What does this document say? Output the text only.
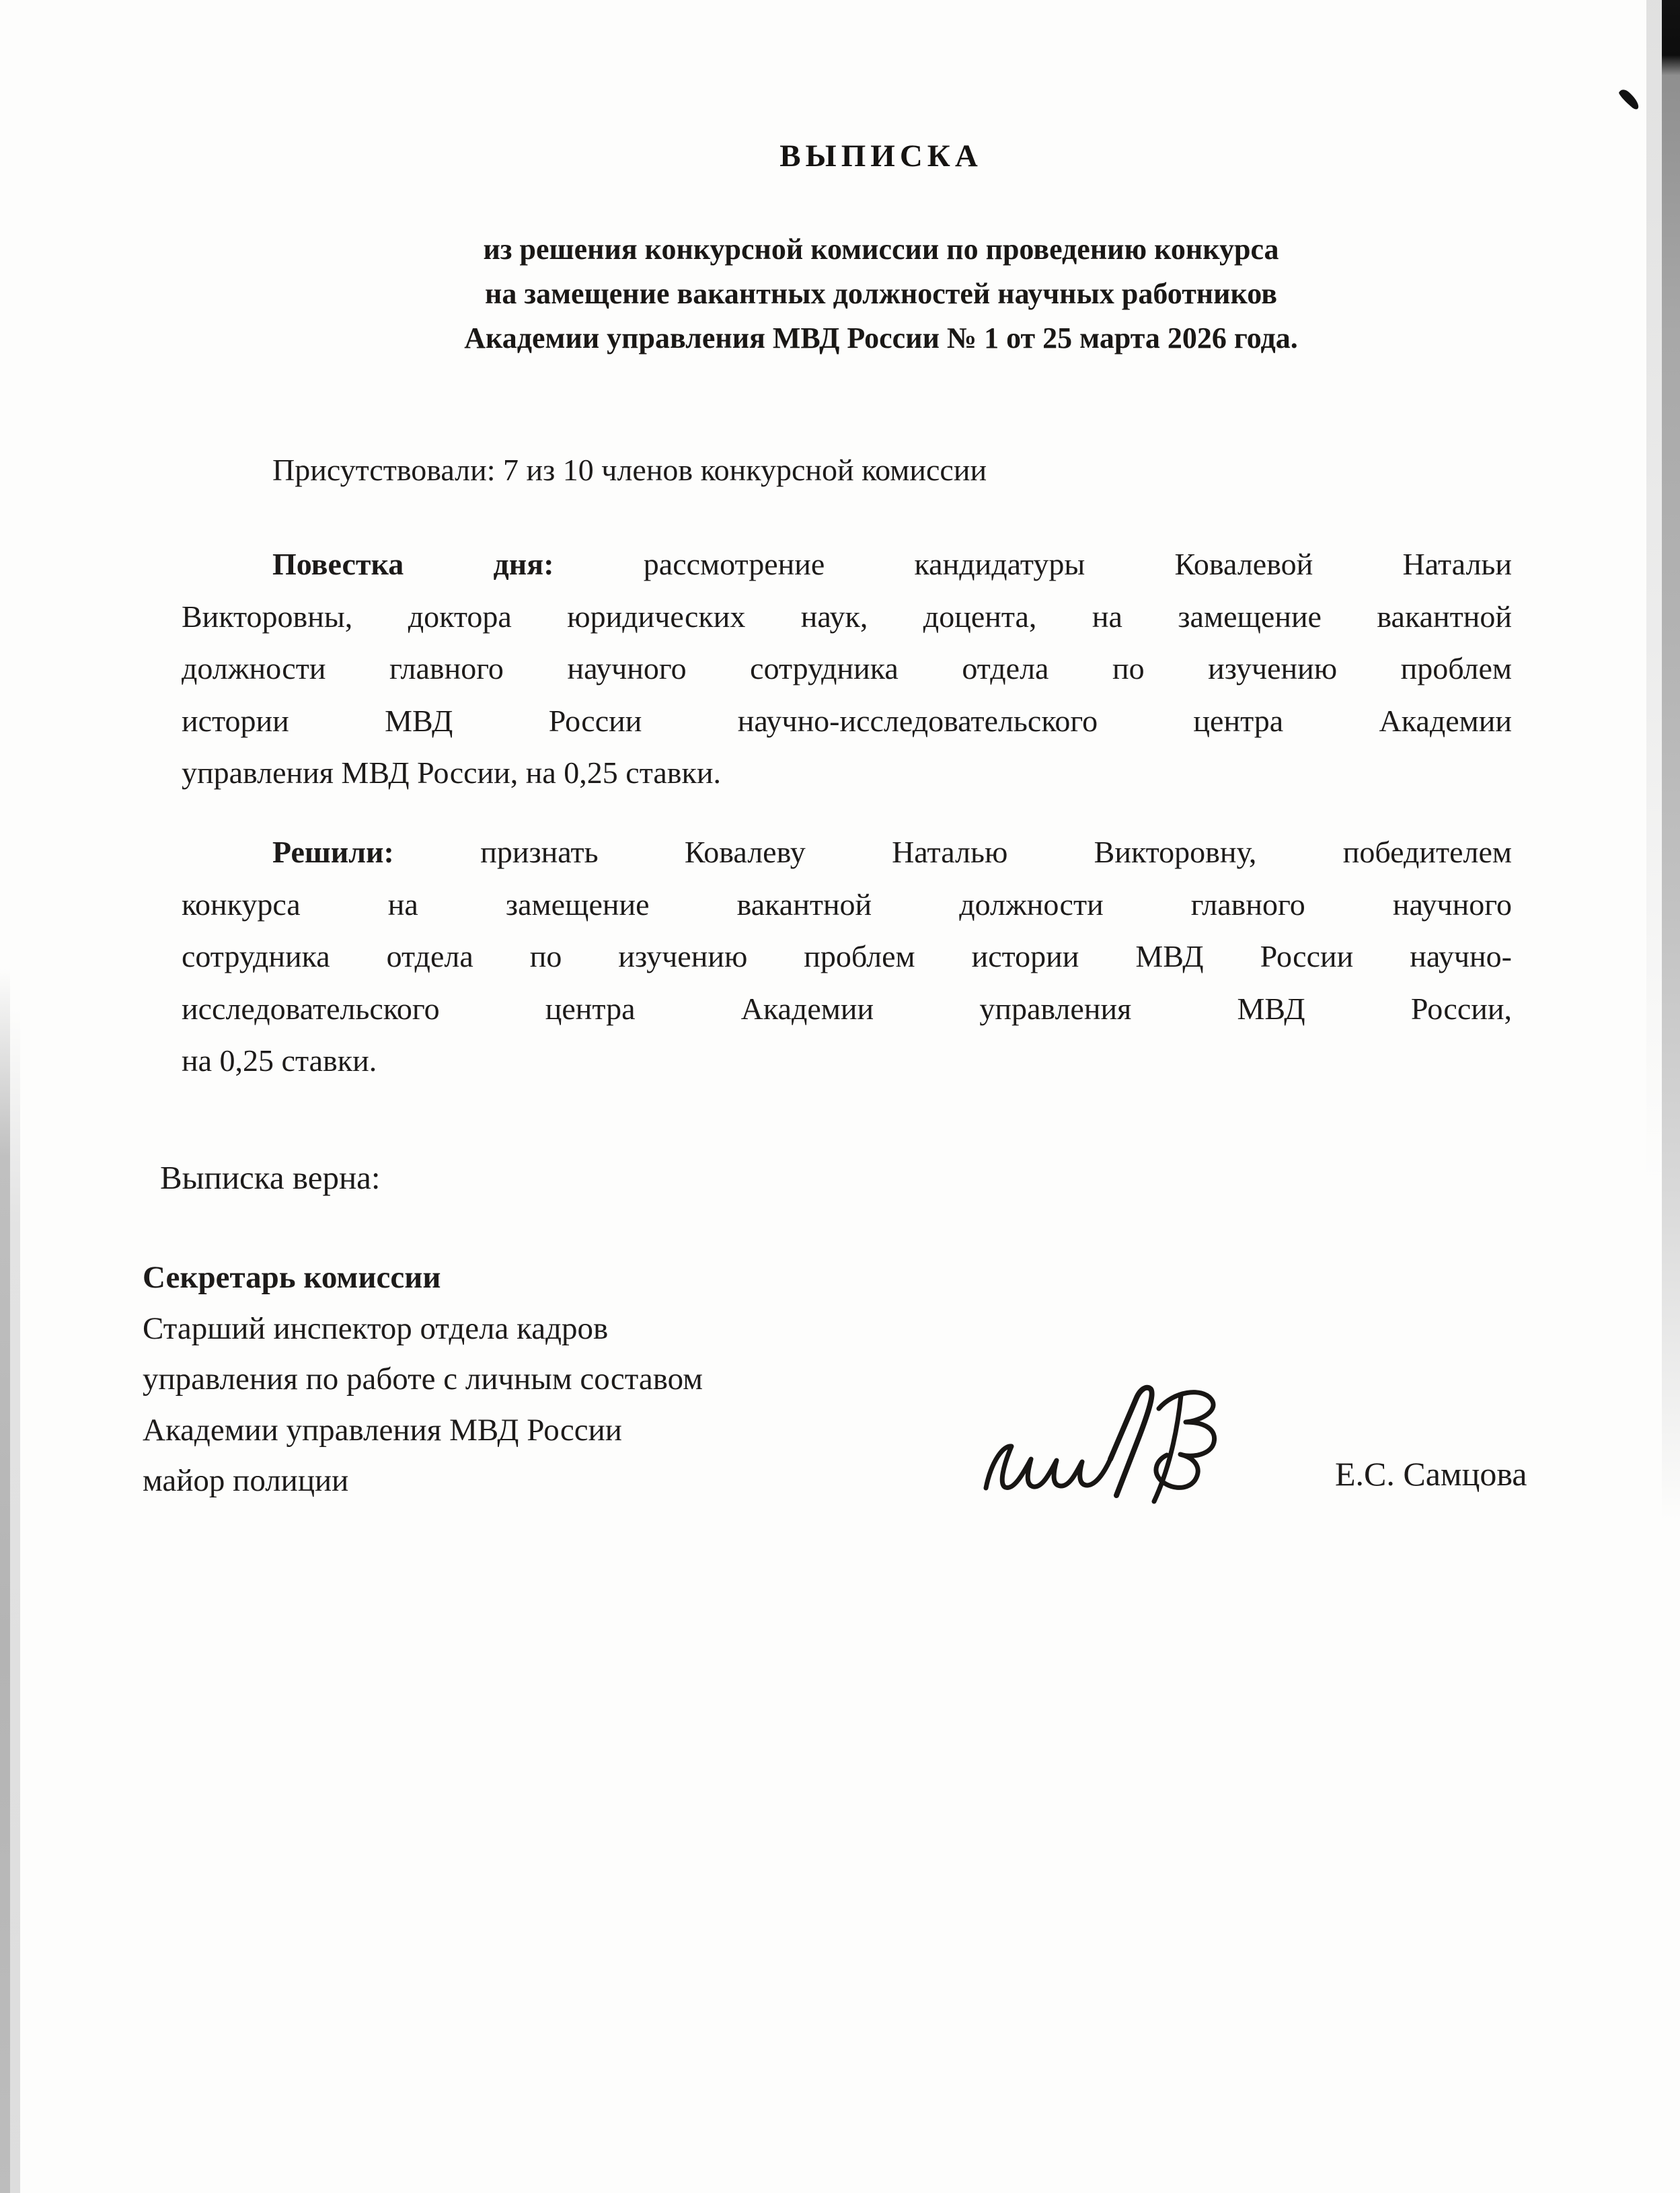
ВЫПИСКА
из решения конкурсной комиссии по проведению конкурса
на замещение вакантных должностей научных работников
Академии управления МВД России № 1 от 25 марта 2026 года.
Присутствовали: 7 из 10 членов конкурсной комиссии
Повестка дня:	рассмотрение кандидатуры Ковалевой Натальи
Викторовны, доктора юридических наук, доцента, на замещение вакантной
должности главного научного сотрудника отдела по изучению проблем
истории МВД России научно-исследовательского центра Академии
управления МВД России, на 0,25 ставки.
Решили:	признать Ковалеву Наталью Викторовну, победителем
конкурса на замещение вакантной должности главного научного
сотрудника отдела по изучению проблем истории МВД России научно-
исследовательского центра Академии управления МВД России,
на 0,25 ставки.
Выписка верна:
Секретарь комиссии
Старший инспектор отдела кадров
управления по работе с личным составом
Академии управления МВД России
майор полиции	Е.С. Самцова
